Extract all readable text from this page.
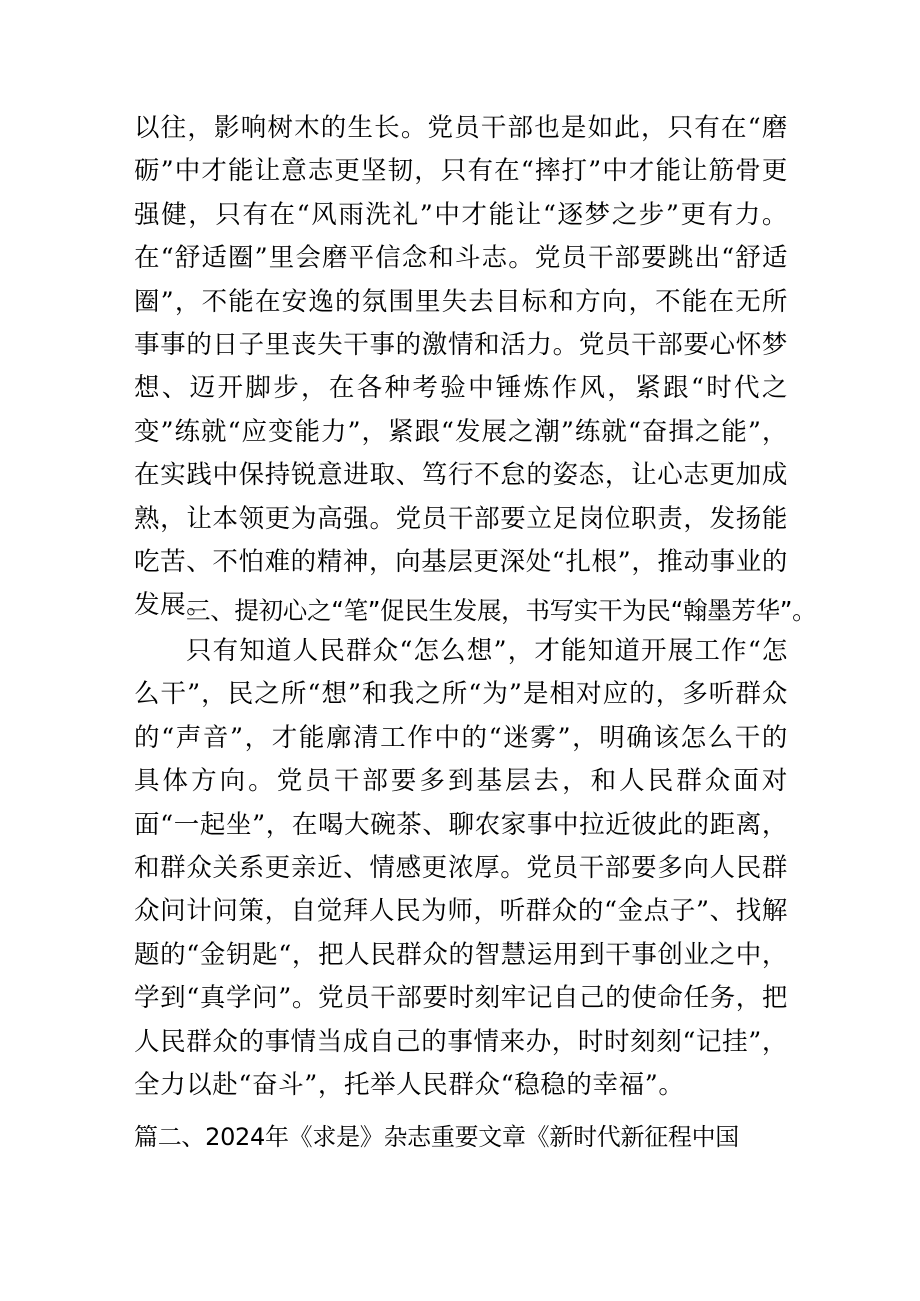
以往，影响树木的生长。党员干部也是如此，只有在“磨砺”中才能让意志更坚韧，只有在“摔打”中才能让筋骨更强健，只有在“风雨洗礼”中才能让“逐梦之步”更有力。在“舒适圈”里会磨平信念和斗志。党员干部要跳出“舒适圈”，不能在安逸的氛围里失去目标和方向，不能在无所事事的日子里丧失干事的激情和活力。党员干部要心怀梦想、迈开脚步，在各种考验中锤炼作风，紧跟“时代之变”练就“应变能力”，紧跟“发展之潮”练就“奋揖之能”，在实践中保持锐意进取、笃行不怠的姿态，让心志更加成熟，让本领更为高强。党员干部要立足岗位职责，发扬能吃苦、不怕难的精神，向基层更深处“扎根”，推动事业的发展。

三、提初心之“笔”促民生发展，书写实干为民“翰墨芳华”。

只有知道人民群众“怎么想”，才能知道开展工作“怎么干”，民之所“想”和我之所“为”是相对应的，多听群众的“声音”，才能廓清工作中的“迷雾”，明确该怎么干的具体方向。党员干部要多到基层去，和人民群众面对面“一起坐”，在喝大碗茶、聊农家事中拉近彼此的距离，和群众关系更亲近、情感更浓厚。党员干部要多向人民群众问计问策，自觉拜人民为师，听群众的“金点子”、找解题的“金钥匙“，把人民群众的智慧运用到干事创业之中，学到“真学问”。党员干部要时刻牢记自己的使命任务，把人民群众的事情当成自己的事情来办，时时刻刻“记挂”，全力以赴“奋斗”，托举人民群众“稳稳的幸福”。

篇二、2024年《求是》杂志重要文章《新时代新征程中国
